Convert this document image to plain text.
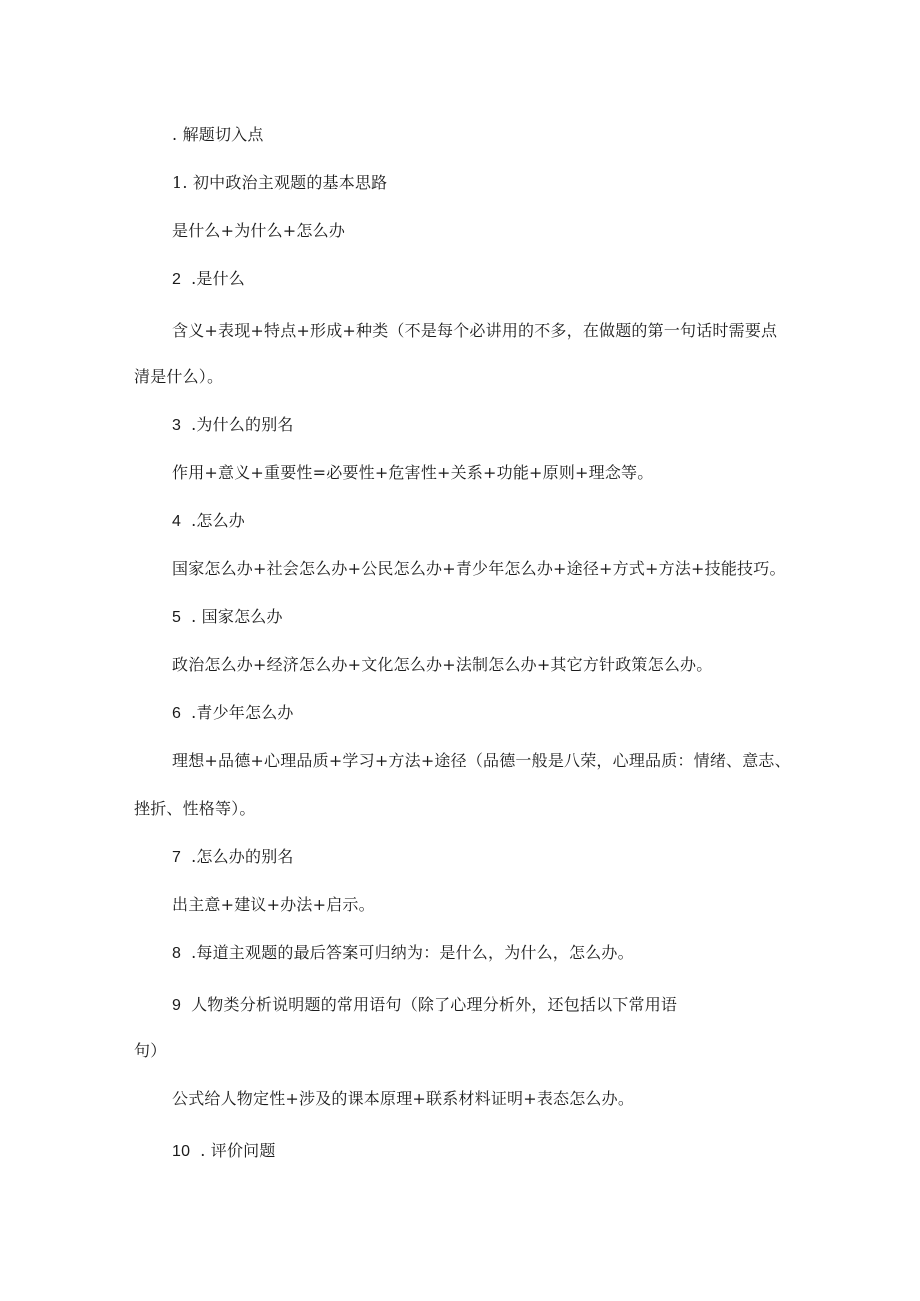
. 解题切入点
1. 初中政治主观题的基本思路
是什么+为什么+怎么办
2 .是什么
含义+表现+特点+形成+种类（不是每个必讲用的不多，在做题的第一句话时需要点
清是什么）。
3 .为什么的别名
作用+意义+重要性=必要性+危害性+关系+功能+原则+理念等。
4 .怎么办
国家怎么办+社会怎么办+公民怎么办+青少年怎么办+途径+方式+方法+技能技巧。
5 . 国家怎么办
政治怎么办+经济怎么办+文化怎么办+法制怎么办+其它方针政策怎么办。
6 .青少年怎么办
理想+品德+心理品质+学习+方法+途径（品德一般是八荣，心理品质：情绪、意志、
挫折、性格等）。
7 .怎么办的别名
出主意+建议+办法+启示。
8 .每道主观题的最后答案可归纳为：是什么，为什么，怎么办。
9 人物类分析说明题的常用语句（除了心理分析外，还包括以下常用语
句）
公式给人物定性+涉及的课本原理+联系材料证明+表态怎么办。
10 . 评价问题
